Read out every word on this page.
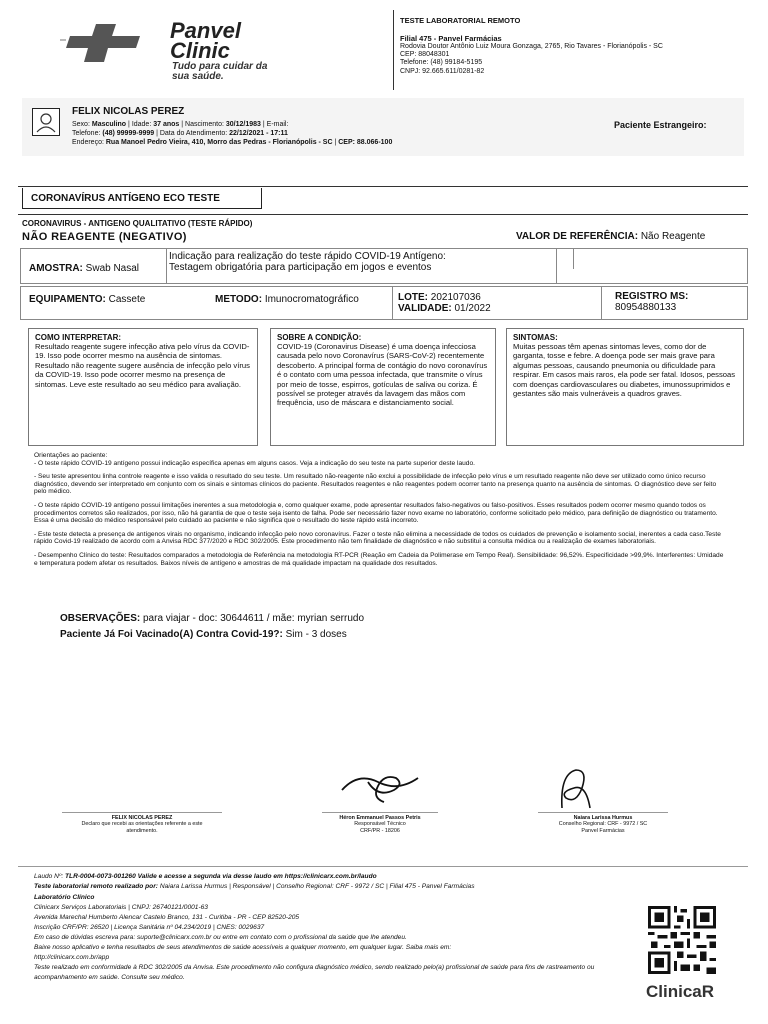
Panvel
Clinic
Tudo para cuidar da sua saúde.
TESTE LABORATORIAL REMOTO
Filial 475 - Panvel Farmácias
Rodovia Doutor Antônio Luiz Moura Gonzaga, 2765, Rio Tavares - Florianópolis - SC
CEP: 88048301
Telefone: (48) 99184-5195
CNPJ: 92.665.611/0281-82
FELIX NICOLAS PEREZ
Sexo: Masculino | Idade: 37 anos | Nascimento: 30/12/1983 | E-mail:
Telefone: (48) 99999-9999 | Data do Atendimento: 22/12/2021 - 17:11
Endereço: Rua Manoel Pedro Vieira, 410, Morro das Pedras - Florianópolis - SC | CEP: 88.066-100
Paciente Estrangeiro:
CORONAVÍRUS ANTÍGENO ECO TESTE
CORONAVIRUS - ANTIGENO QUALITATIVO (TESTE RÁPIDO)
NÃO REAGENTE (NEGATIVO)	VALOR DE REFERÊNCIA: Não Reagente
AMOSTRA: Swab Nasal
Indicação para realização do teste rápido COVID-19 Antígeno:
Testagem obrigatória para participação em jogos e eventos
EQUIPAMENTO: Cassete	METODO: Imunocromatográfico	LOTE: 202107036
VALIDADE: 01/2022
REGISTRO MS:
80954880133
COMO INTERPRETAR:
Resultado reagente sugere infecção ativa pelo vírus da COVID-19. Isso pode ocorrer mesmo na ausência de sintomas. Resultado não reagente sugere ausência de infecção pelo vírus da COVID-19. Isso pode ocorrer mesmo na presença de sintomas. Leve este resultado ao seu médico para avaliação.
SOBRE A CONDIÇÃO:
COVID-19 (Coronavirus Disease) é uma doença infecciosa causada pelo novo Coronavírus (SARS-CoV-2) recentemente descoberto. A principal forma de contágio do novo coronavírus é o contato com uma pessoa infectada, que transmite o vírus por meio de tosse, espirros, gotículas de saliva ou coriza. É possível se proteger através da lavagem das mãos com frequência, uso de máscara e distanciamento social.
SINTOMAS:
Muitas pessoas têm apenas sintomas leves, como dor de garganta, tosse e febre. A doença pode ser mais grave para algumas pessoas, causando pneumonia ou dificuldade para respirar. Em casos mais raros, ela pode ser fatal. Idosos, pessoas com doenças cardiovasculares ou diabetes, imunossuprimidos e gestantes são mais vulneráveis a quadros graves.
Orientações ao paciente:
- O teste rápido COVID-19 antígeno possui indicação específica apenas em alguns casos. Veja a indicação do seu teste na parte superior deste laudo.
- Seu teste apresentou linha controle reagente e isso valida o resultado do seu teste. Um resultado não-reagente não exclui a possibilidade de infecção pelo vírus e um resultado reagente não deve ser utilizado como único recurso diagnóstico, devendo ser interpretado em conjunto com os sinais e sintomas clínicos do paciente. Resultados reagentes e não reagentes podem ocorrer tanto na presença quanto na ausência de sintomas. O diagnóstico deve ser feito pelo médico.
- O teste rápido COVID-19 antígeno possui limitações inerentes a sua metodologia e, como qualquer exame, pode apresentar resultados falso-negativos ou falso-positivos. Esses resultados podem ocorrer mesmo quando todos os procedimentos corretos são realizados, por isso, não há garantia de que o teste seja isento de falha. Pode ser necessário fazer novo exame no laboratório, conforme solicitado pelo médico, para definição de diagnóstico ou tratamento. Essa é uma decisão do médico responsável pelo cuidado ao paciente e não significa que o resultado do teste rápido está incorreto.
- Este teste detecta a presença de antígenos virais no organismo, indicando infecção pelo novo coronavírus. Fazer o teste não elimina a necessidade de todos os cuidados de prevenção e isolamento social, inerentes a cada caso.Teste rápido Covid-19 realizado de acordo com a Anvisa RDC 377/2020 e RDC 302/2005. Este procedimento não tem finalidade de diagnóstico e não substitui a consulta médica ou a realização de exames laboratoriais.
- Desempenho Clínico do teste: Resultados comparados a metodologia de Referência na metodologia RT-PCR (Reação em Cadeia da Polimerase em Tempo Real). Sensibilidade: 96,52%. Especificidade >99,9%. Interferentes: Umidade e temperatura podem afetar os resultados. Baixos níveis de antígeno e amostras de má qualidade impactam na qualidade dos resultados.
OBSERVAÇÕES: para viajar - doc: 30644611 / mãe: myrian serrudo
Paciente Já Foi Vacinado(A) Contra Covid-19?: Sim - 3 doses
FELIX NICOLAS PEREZ
Declaro que recebi as orientações referente a este
atendimento.
Héron Emmanuel Passos Petris
Responsável Técnico
CRF/PR - 18206
Naiara Larissa Hurmus
Conselho Regional: CRF - 9972 / SC
Panvel Farmácias
Laudo Nº: TLR-0004-0073-001260 Valide e acesse a segunda via desse laudo em https://clinicarx.com.br/laudo
Teste laboratorial remoto realizado por: Naiara Larissa Hurmus | Responsável | Conselho Regional: CRF - 9972 / SC | Filial 475 - Panvel Farmácias
Laboratório Clínico
Clinicarx Serviços Laboratoriais | CNPJ: 26740121/0001-63
Avenida Marechal Humberto Alencar Castelo Branco, 131 - Curitiba - PR - CEP 82520-205
Inscrição CRF/PR: 26520 | Licença Sanitária nº 04.234/2019 | CNES: 0029637
Em caso de dúvidas escreva para: suporte@clinicarx.com.br ou entre em contato com o profissional da saúde que lhe atendeu.
Baixe nosso aplicativo e tenha resultados de seus atendimentos de saúde acessíveis a qualquer momento, em qualquer lugar. Saiba mais em:
http://clinicarx.com.br/app
Teste realizado em conformidade à RDC 302/2005 da Anvisa. Este procedimento não configura diagnóstico médico, sendo realizado pelo(a) profissional de saúde para fins de rastreamento ou acompanhamento em saúde. Consulte seu médico.
ClinicaR
